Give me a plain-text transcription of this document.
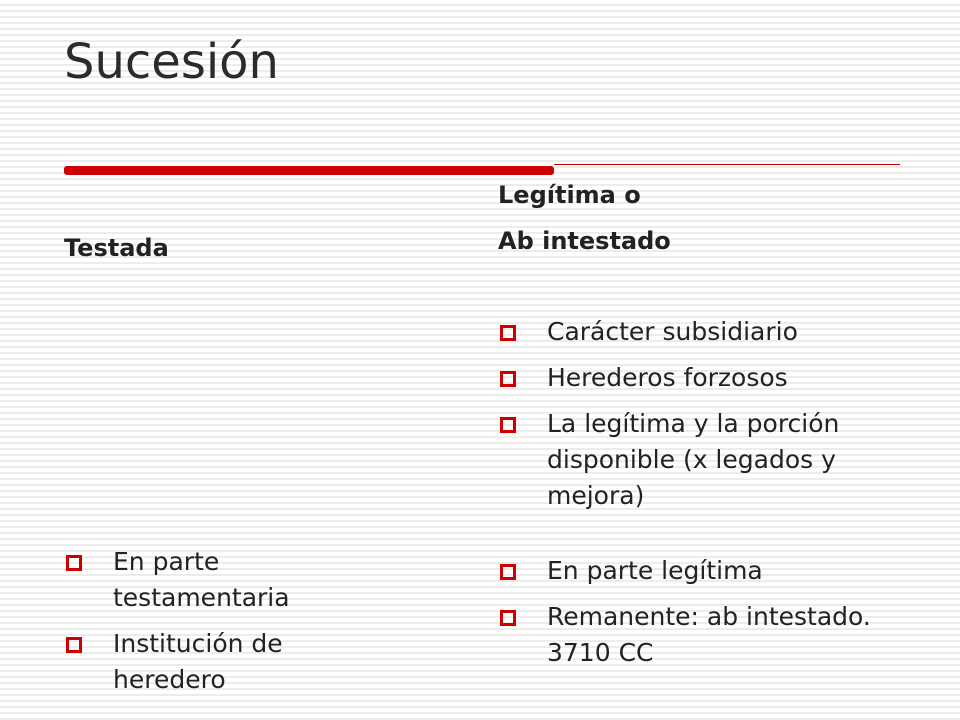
Sucesión
Testada
En parte testamentaria
Institución de heredero
Legítima o
Ab intestado
Carácter subsidiario
Herederos forzosos
La legítima y la porción disponible (x legados y mejora)
En parte legítima
Remanente: ab intestado. 3710 CC
